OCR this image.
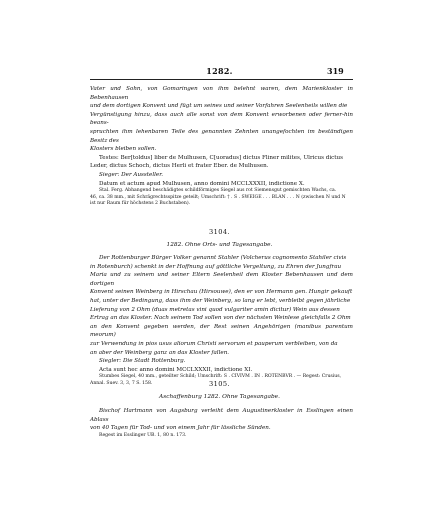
1282.	319

Vater und Sohn, von Gomaringen von ihm belehnt waren, dem Marienkloster in Bebenhausen

und dem dortigen Konvent und fügt um seines und seiner Vorfahren Seelenheils willen die

Vergünstigung hinzu, dass auch alle sonst von dem Konvent erworbenen oder ferner-hin beans-

spruchten ihm lehenbaren Teile des genannten Zehnten unangefochten im beständigen Besitz des

Klosters bleiben sollen.

Testes: Ber[toldus] liber de Mulhusen, C[uoradus] dictus Fliner milites, Ulricus dictus

Leder, dictus Schoch, dictus Herli et frater Eber. de Mulhusen.

Sieger: Der Aussteller.

Datum et actum apud Mulhusen, anno domini MCCLXXXII, indictione X.

Stal. Ferg. Abhangend beschädigtes schildförmiges Siegel aus rot Siemensgut gemischten Wachs, ca.

46, ca. 38 mm., mit Schrägrechtsspitze geteilt; Umschrift: † . S . SWEIGE . . . BLAN . . . N (zwischen N und N

ist nur Raum für höchstens 2 Buchstaben).

3104.
1282. Ohne Orts- und Tagesangabe.

Der Rottenburger Bürger Volker genannt Stahler (Volcherus cognomento Stahiler civis

in Rotenburch) schenkt in der Hoffnung auf göttliche Vergeltung, zu Ehren der Jungfrau

Maria und zu seinem und seiner Eltern Seelenheil dem Kloster Bebenhausen und dem dortigen

Konvent seinen Weinberg in Hirschau (Hirsouwe), den er von Hermann gen. Hungir gekauft

hat, unter der Bedingung, dass ihm der Weinberg, so lang er lebt, verbleibt gegen jährliche

Lieferung von 2 Ohm (duas metretas vini quod vulgariter amin dicitur) Wein aus dessen

Ertrag an das Kloster. Nach seinem Tod sollen von der nächsten Weinlese gleichfalls 2 Ohm

an den Konvent gegeben werden, der Rest seinen Angehörigen (manibus parentum meorum)

zur Verwendung in pios usus aliorum Christi servorum et pauperum verbleiben, von da

an aber der Weinberg ganz an das Kloster fallen.

Siegler: Die Stadt Rottenburg.

Acta sunt hec anno domini MCCLXXXII, indictione XI.

Stumbes Siegel, 40 mm., geteilter Schild; Umschrift: S . CIVIVM . IN . ROTENBVR . — Regest: Crusius,

Annal. Suev. 3, 3, 7 S. 158.	3105.
Aschaffenburg 1282. Ohne Tagesangabe.

Bischof Hartmann von Augsburg verleiht dem Augustinerkloster in Esslingen einen Ablass

von 40 Tagen für Tod- und von einem Jahr für lässliche Sünden.

Regest im Esslinger UB. 1, 80 n. 173.
